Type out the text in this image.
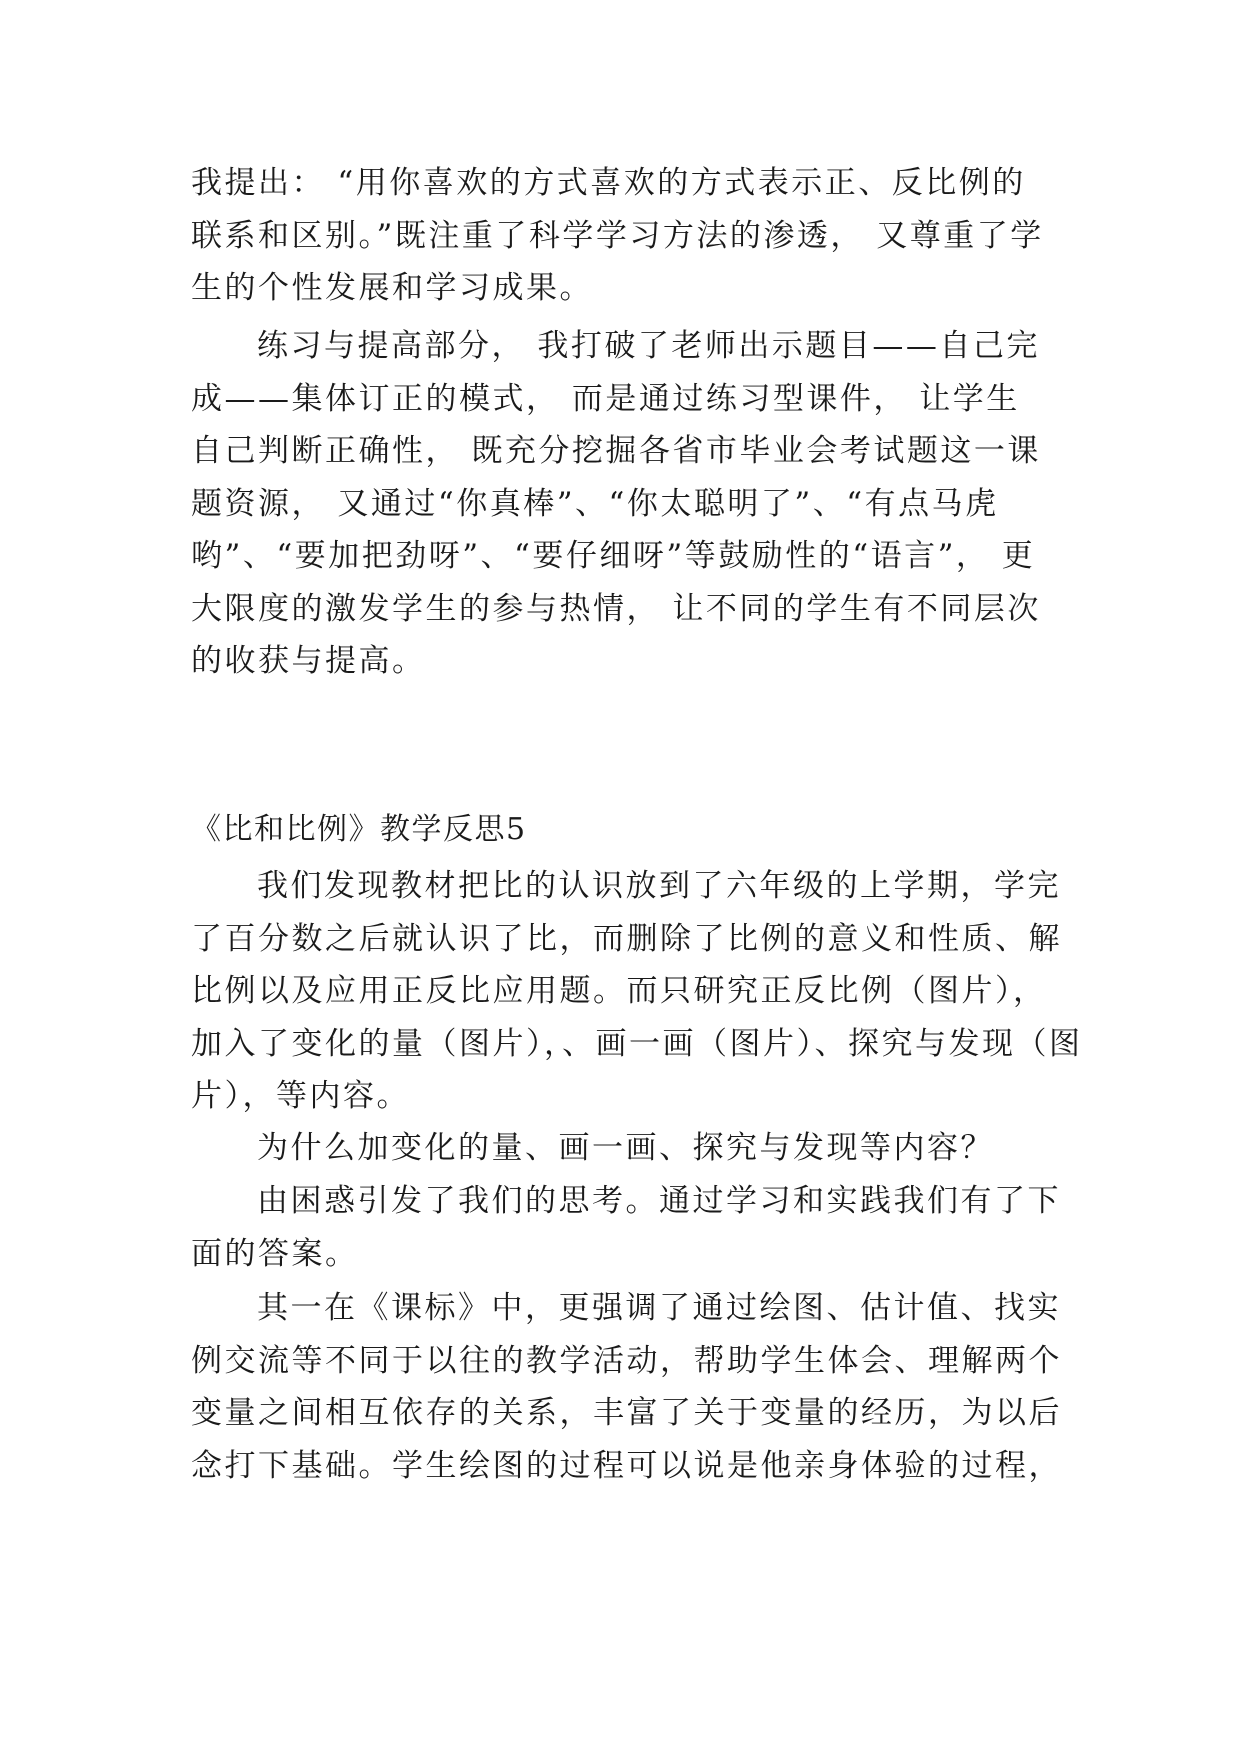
我提出： “用你喜欢的方式喜欢的方式表示正、反比例的
联系和区别。”既注重了科学学习方法的渗透， 又尊重了学
生的个性发展和学习成果。
练习与提高部分， 我打破了老师出示题目——自己完
成——集体订正的模式， 而是通过练习型课件， 让学生
自己判断正确性， 既充分挖掘各省市毕业会考试题这一课
题资源， 又通过“你真棒”、“你太聪明了”、“有点马虎
哟”、“要加把劲呀”、“要仔细呀”等鼓励性的“语言”， 更
大限度的激发学生的参与热情， 让不同的学生有不同层次
的收获与提高。
《比和比例》教学反思5
我们发现教材把比的认识放到了六年级的上学期，学完
了百分数之后就认识了比，而删除了比例的意义和性质、解
比例以及应用正反比应用题。而只研究正反比例（图片），
加入了变化的量（图片），、画一画（图片）、探究与发现（图
片），等内容。
为什么加变化的量、画一画、探究与发现等内容？
由困惑引发了我们的思考。通过学习和实践我们有了下
面的答案。
其一在《课标》中，更强调了通过绘图、估计值、找实
例交流等不同于以往的教学活动，帮助学生体会、理解两个
变量之间相互依存的关系，丰富了关于变量的经历，为以后
念打下基础。学生绘图的过程可以说是他亲身体验的过程，
